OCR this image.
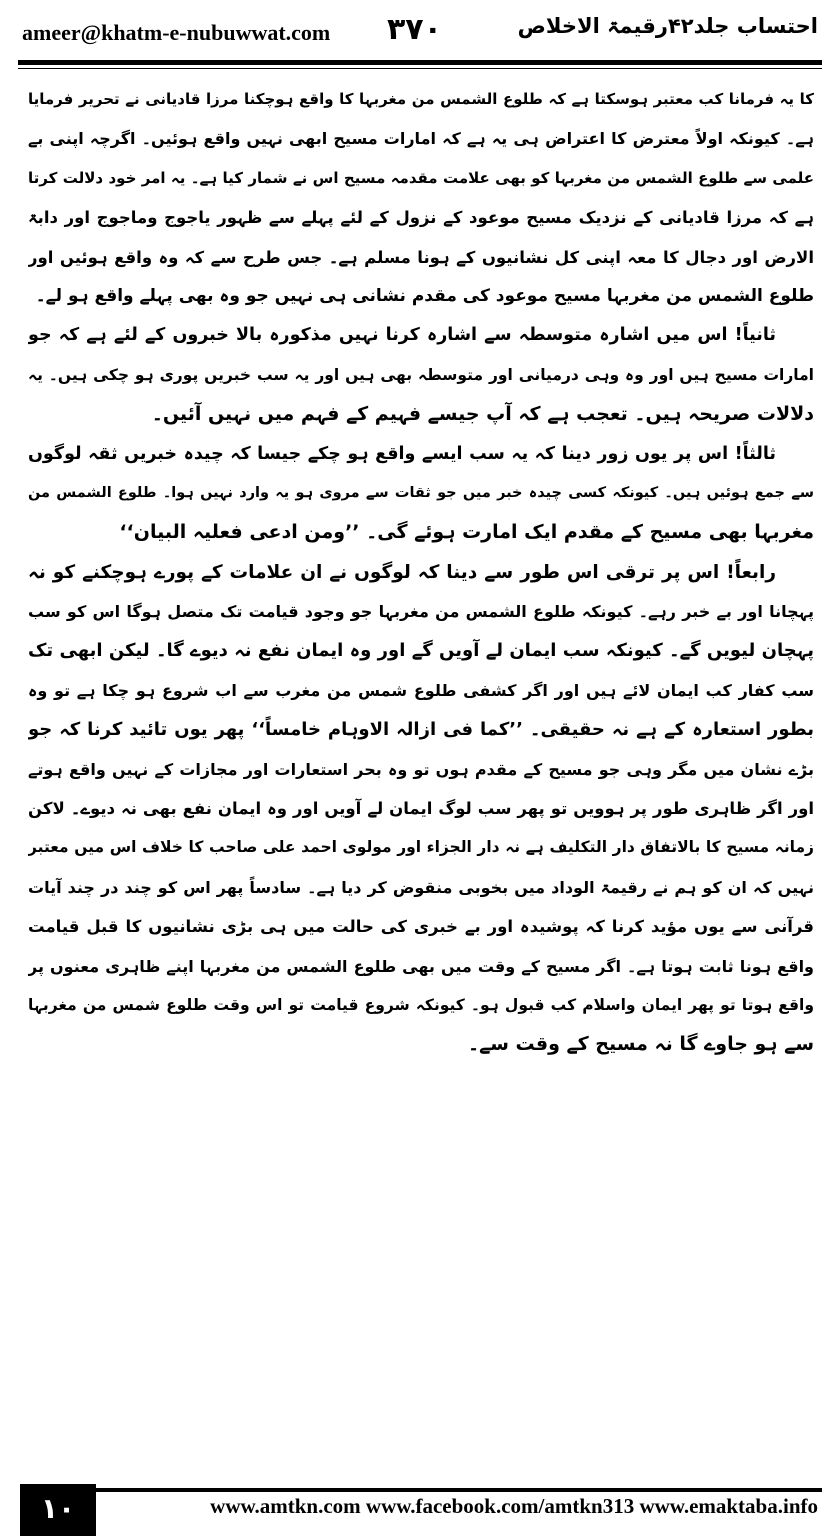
ameer@khatm-e-nubuwwat.com ۳۷۰	احتساب جلد۴۲رقیمۃ الاخلاص
کا یہ فرمانا کب معتبر ہوسکتا ہے کہ طلوع الشمس من مغربہا کا واقع ہوچکنا مرزا قادیانی نے تحریر فرمایا
ہے۔ کیونکہ اولاً معترض کا اعتراض ہی یہ ہے کہ امارات مسیح ابھی نہیں واقع ہوئیں۔ اگرچہ اپنی بے
علمی سے طلوع الشمس من مغربہا کو بھی علامت مقدمہ مسیح اس نے شمار کیا ہے۔ یہ امر خود دلالت کرتا
ہے کہ مرزا قادیانی کے نزدیک مسیح موعود کے نزول کے لئے پہلے سے ظہور یاجوج وماجوج اور دابۃ
الارض اور دجال کا معہ اپنی کل نشانیوں کے ہونا مسلم ہے۔ جس طرح سے کہ وہ واقع ہوئیں اور
طلوع الشمس من مغربہا مسیح موعود کی مقدم نشانی ہی نہیں جو وہ بھی پہلے واقع ہو لے۔
ثانیاً! اس میں اشارہ متوسطہ سے اشارہ کرنا نہیں مذکورہ بالا خبروں کے لئے ہے کہ جو
امارات مسیح ہیں اور وہ وہی درمیانی اور متوسطہ بھی ہیں اور یہ سب خبریں پوری ہو چکی ہیں۔ یہ
دلالات صریحہ ہیں۔ تعجب ہے کہ آپ جیسے فہیم کے فہم میں نہیں آئیں۔
ثالثاً! اس پر یوں زور دینا کہ یہ سب ایسے واقع ہو چکے جیسا کہ چیدہ خبریں ثقہ لوگوں
سے جمع ہوئیں ہیں۔ کیونکہ کسی چیدہ خبر میں جو ثقات سے مروی ہو یہ وارد نہیں ہوا۔ طلوع الشمس من
مغربہا بھی مسیح کے مقدم ایک امارت ہوئے گی۔ ’’ومن ادعی فعلیہ البیان‘‘
رابعاً! اس پر ترقی اس طور سے دینا کہ لوگوں نے ان علامات کے پورے ہوچکنے کو نہ
پہچانا اور بے خبر رہے۔ کیونکہ طلوع الشمس من مغربہا جو وجود قیامت تک متصل ہوگا اس کو سب
پہچان لیویں گے۔ کیونکہ سب ایمان لے آویں گے اور وہ ایمان نفع نہ دیوے گا۔ لیکن ابھی تک
سب کفار کب ایمان لائے ہیں اور اگر کشفی طلوع شمس من مغرب سے اب شروع ہو چکا ہے تو وہ
بطور استعارہ کے ہے نہ حقیقی۔ ’’کما فی ازالہ الاوہام خامساً‘‘ پھر یوں تائید کرنا کہ جو
بڑے نشان میں مگر وہی جو مسیح کے مقدم ہوں تو وہ بحر استعارات اور مجازات کے نہیں واقع ہوتے
اور اگر ظاہری طور پر ہوویں تو پھر سب لوگ ایمان لے آویں اور وہ ایمان نفع بھی نہ دیوے۔ لاکن
زمانہ مسیح کا بالاتفاق دار التکلیف ہے نہ دار الجزاء اور مولوی احمد علی صاحب کا خلاف اس میں معتبر
نہیں کہ ان کو ہم نے رقیمۃ الوداد میں بخوبی منقوض کر دیا ہے۔ سادساً پھر اس کو چند در چند آیات
قرآنی سے یوں مؤید کرنا کہ پوشیدہ اور بے خبری کی حالت میں ہی بڑی نشانیوں کا قبل قیامت
واقع ہونا ثابت ہوتا ہے۔ اگر مسیح کے وقت میں بھی طلوع الشمس من مغربہا اپنے ظاہری معنوں پر
واقع ہوتا تو پھر ایمان واسلام کب قبول ہو۔ کیونکہ شروع قیامت تو اس وقت طلوع شمس من مغربہا
سے ہو جاوے گا نہ مسیح کے وقت سے۔
۱۰	www.amtkn.com www.facebook.com/amtkn313 www.emaktaba.info
